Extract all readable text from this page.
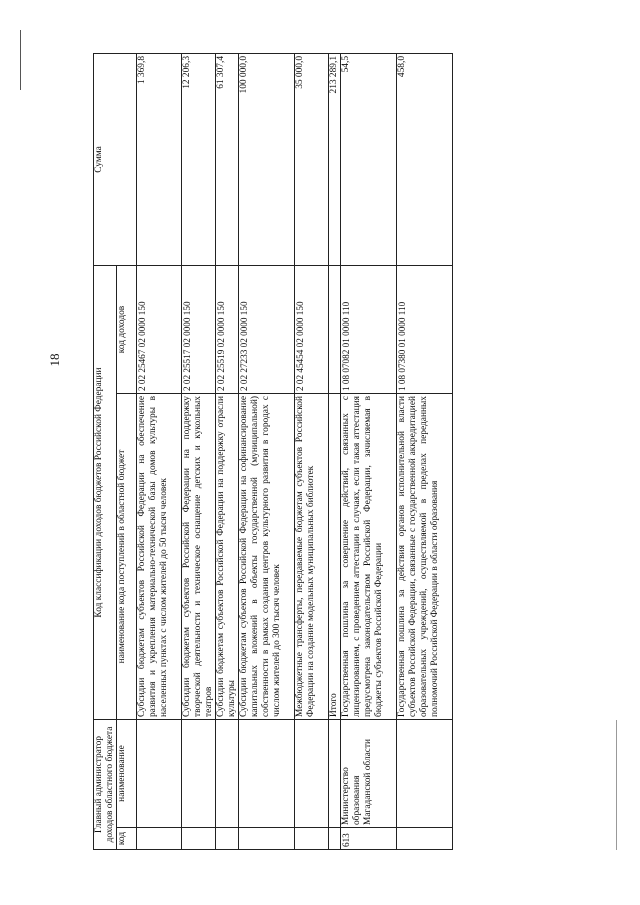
18
Главный администратор доходов областного бюджета		Код классификации доходов бюджетов Российской Федерации		Сумма
код	наименование	наименование кода поступлений в областной бюджет	код доходов	

		Субсидии бюджетам субъектов Российской Федерации на обеспечение развития и укрепления материально-технической базы домов культуры в населенных пунктах с числом жителей до 50 тысяч человек	2 02 25467 02 0000 150	1 369,8
		Субсидии бюджетам субъектов Российской Федерации на поддержку творческой деятельности и техническое оснащение детских и кукольных театров	2 02 25517 02 0000 150	12 206,3
		Субсидии бюджетам субъектов Российской Федерации на поддержку отрасли культуры	2 02 25519 02 0000 150	61 307,4
		Субсидии бюджетам субъектов Российской Федерации на софинансирование капитальных вложений в объекты государственной (муниципальной) собственности в рамках создания центров культурного развития в городах с числом жителей до 300 тысяч человек	2 02 27233 02 0000 150	100 000,0
		Межбюджетные трансферты, передаваемые бюджетам субъектов Российской Федерации на создание модельных муниципальных библиотек	2 02 45454 02 0000 150	35 000,0
		Итого		213 289,1
613	Министерство образования Магаданской области	Государственная пошлина за совершение действий, связанных с лицензированием, с проведением аттестации в случаях, если такая аттестация предусмотрена законодательством Российской Федерации, зачисляемая в бюджеты субъектов Российской Федерации	1 08 07082 01 0000 110	54,5
		Государственная пошлина за действия органов исполнительной власти субъектов Российской Федерации, связанные с государственной аккредитацией образовательных учреждений, осуществляемой в пределах переданных полномочий Российской Федерации в области образования	1 08 07380 01 0000 110	458,0
